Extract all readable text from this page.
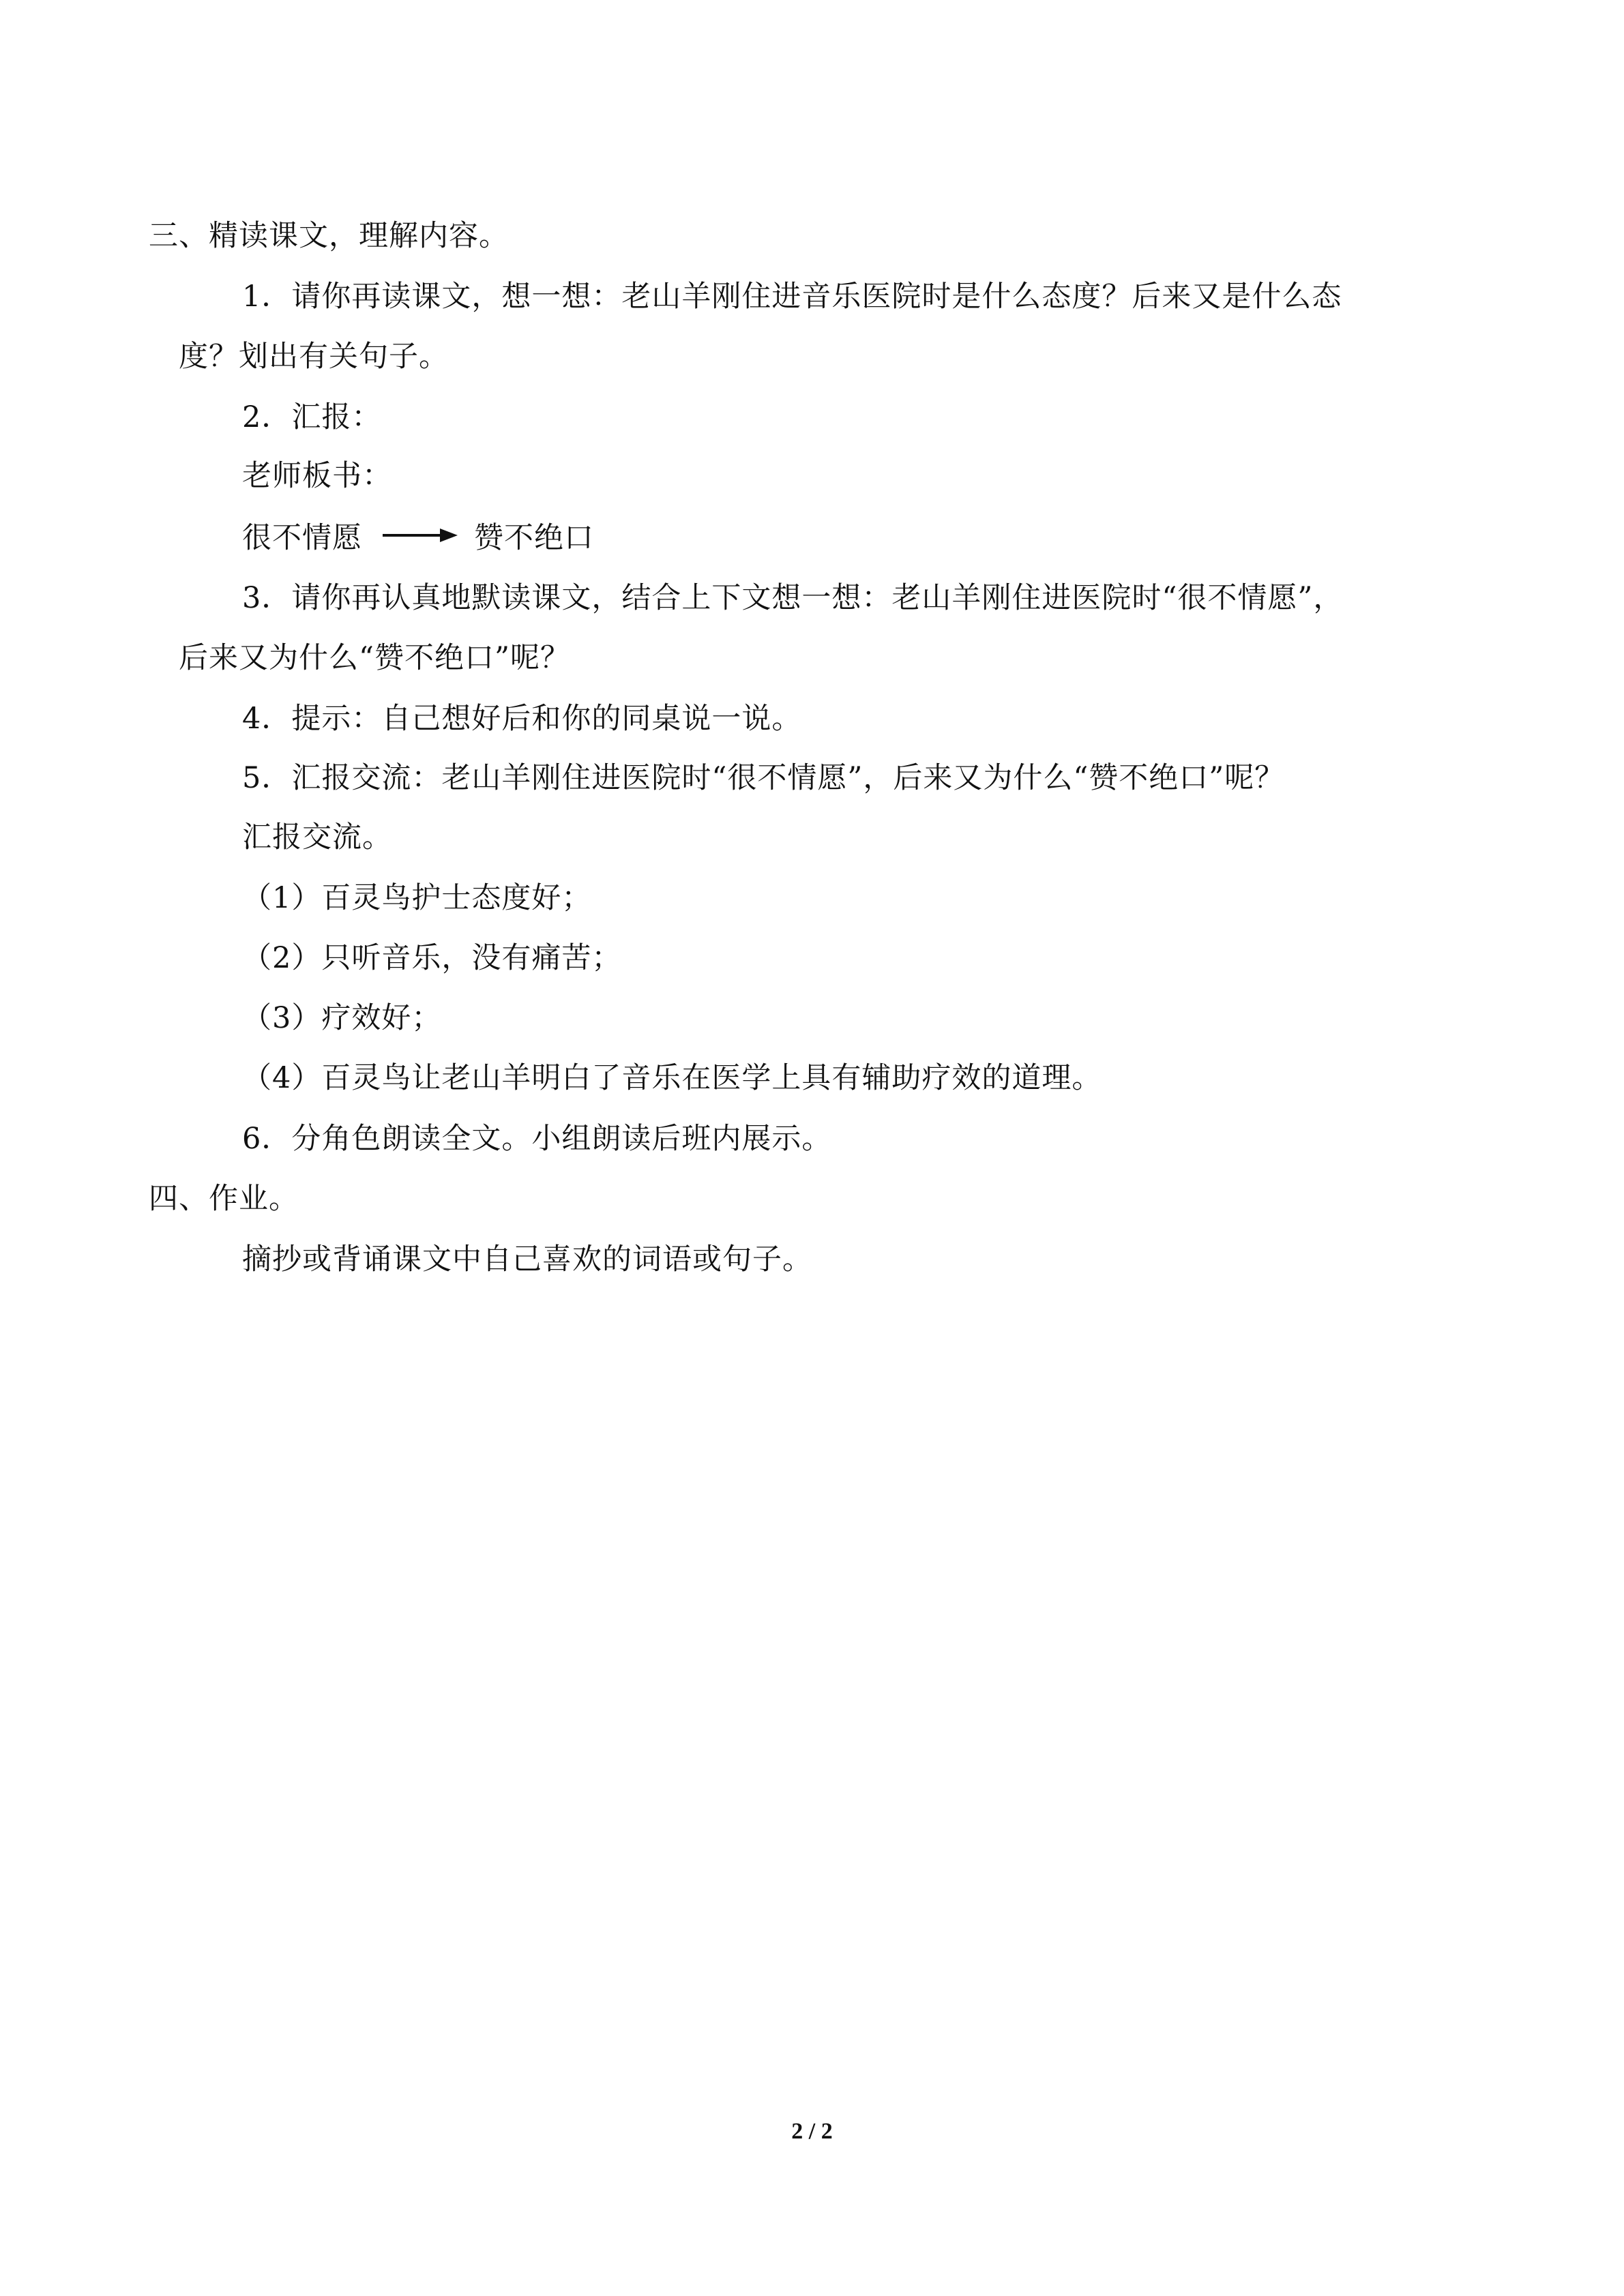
三、精读课文，理解内容。
1．请你再读课文，想一想：老山羊刚住进音乐医院时是什么态度？后来又是什么态
度？划出有关句子。
2．汇报：
老师板书：
很不情愿	赞不绝口
3．请你再认真地默读课文，结合上下文想一想：老山羊刚住进医院时“很不情愿”，
后来又为什么“赞不绝口”呢？
4．提示：自己想好后和你的同桌说一说。
5．汇报交流：老山羊刚住进医院时“很不情愿”，后来又为什么“赞不绝口”呢？
汇报交流。
（1）百灵鸟护士态度好；
（2）只听音乐，没有痛苦；
（3）疗效好；
（4）百灵鸟让老山羊明白了音乐在医学上具有辅助疗效的道理。
6．分角色朗读全文。小组朗读后班内展示。
四、作业。
摘抄或背诵课文中自己喜欢的词语或句子。
2 / 2
